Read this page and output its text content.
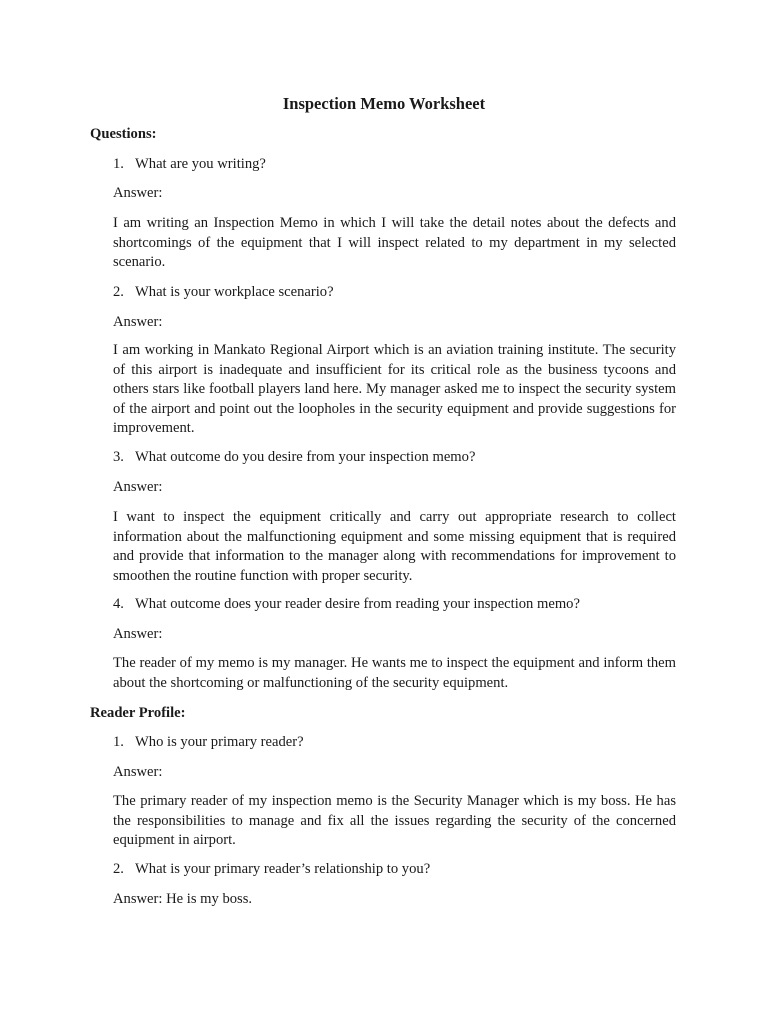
Inspection Memo Worksheet
Questions:
1. What are you writing?
Answer:
I am writing an Inspection Memo in which I will take the detail notes about the defects and shortcomings of the equipment that I will inspect related to my department in my selected scenario.
2. What is your workplace scenario?
Answer:
I am working in Mankato Regional Airport which is an aviation training institute. The security of this airport is inadequate and insufficient for its critical role as the business tycoons and others stars like football players land here. My manager asked me to inspect the security system of the airport and point out the loopholes in the security equipment and provide suggestions for improvement.
3. What outcome do you desire from your inspection memo?
Answer:
I want to inspect the equipment critically and carry out appropriate research to collect information about the malfunctioning equipment and some missing equipment that is required and provide that information to the manager along with recommendations for improvement to smoothen the routine function with proper security.
4. What outcome does your reader desire from reading your inspection memo?
Answer:
The reader of my memo is my manager. He wants me to inspect the equipment and inform them about the shortcoming or malfunctioning of the security equipment.
Reader Profile:
1. Who is your primary reader?
Answer:
The primary reader of my inspection memo is the Security Manager which is my boss. He has the responsibilities to manage and fix all the issues regarding the security of the concerned equipment in airport.
2. What is your primary reader’s relationship to you?
Answer: He is my boss.
